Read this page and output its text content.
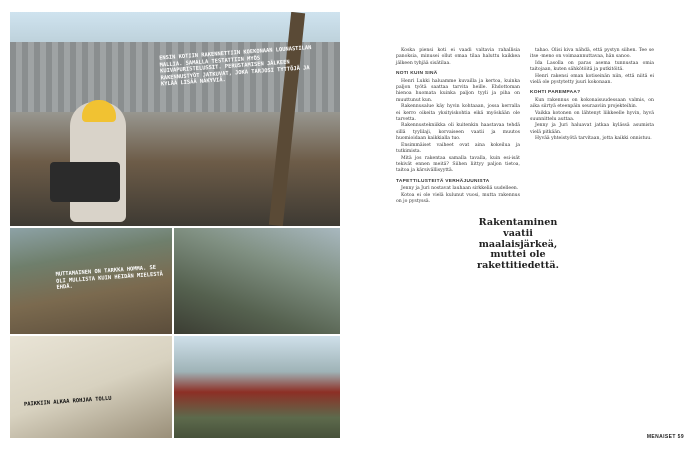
ENSIN KOTIIN RAKENNETTIIN KOEKONAAN LOUNASTILAN MALLIA. SAMALLA TESTATTIIN MYÖS KUIVAPURISTELUSSIT. PERUSTAMISEN JÄLKEEN RAKENNUSTYÖT JATKUVAT, JOKA TARJOSI TYTTÖJÄ JA KYLÄÄ LISÄÄ NÄKYVIÄ.
MUTTAMAINEN ON TARKKA HOMMA. SE OLI MULLISTA KUIN HEIDÄN MIELESTÄ EHDÄ.
PAIKKIIN ALKAA ROHJAA TOLLU

Koska piensi koti ei vaadi valtavia rahallisia panoksia, minusei ollut omaa tilaa haluttu kaikkea jälkeen tyhjää sisätilaa.

NOTI KUIN SINÄ

Henri Lukki haluamme kuvailla ja kertoa, kuinka paljon työtä saattaa tarvita heille. Ehdottoman hienoa huomata kuinka paljon tyyli ja piha on muuttunut kun.

Rakennusalue käy hyvin kohtaaan, jossa kerralla ei kerro oikeita yksityiskohtia eikä myöskään ole tarvetta.

Rakennustekniikka oli kuitenkin haastavaa tehdä sillä tyylilaji, korvaiseen vaatii ja muutos huomioidaan kaikkialla tuo.

Ensimmäiset vaiheet ovat aina kokeilua ja tutkimista.

Mitä jos rakentaa samalla tavalla, kuin esi-isät tekivät ennen meitä? Siihen liittyy paljon tietoa, taitoa ja kärsivällisyyttä.

TAPETTILUSTEITÄ VERHÄJUUNISTA

Jenny ja Juri nostavat lauhaan sirkkeliä uudelleen.

Kotoa ei ole vielä kulunut vuosi, mutta rakennus on jo pystyssä.

tahao. Olisi kiva nähdä, että pystyn siihen. Tee se itse -meno on voimaannuttavaa, hän sanoo.

Ida Lasolla on paras asema tunnustaa omia taitojaan, kuten sähkötöitä ja putkitöitä.

Henri rakensi oman kotiseinän niin, että niitä ei vielä ole pystytetty juuri kokonaan.

KOHTI PAREMPAA?

Kun rakennus on kokonaisuudessaan valmis, on aika siirtyä eteenpäin seuraaviin projekteihin.

Vaikka kotonen on lähtenyt liikkeelle hyvin, hyvä suunnittelu auttaa.

Jenny ja Juri haluavat jatkaa kylässä asumista vielä pitkään.

Hyvää yhteistyötä tarvitaan, jotta kaikki onnistuu.

Rakentaminen vaatii maalaisjärkeä, muttei ole rakettitiedettä.
MENAISET 59
